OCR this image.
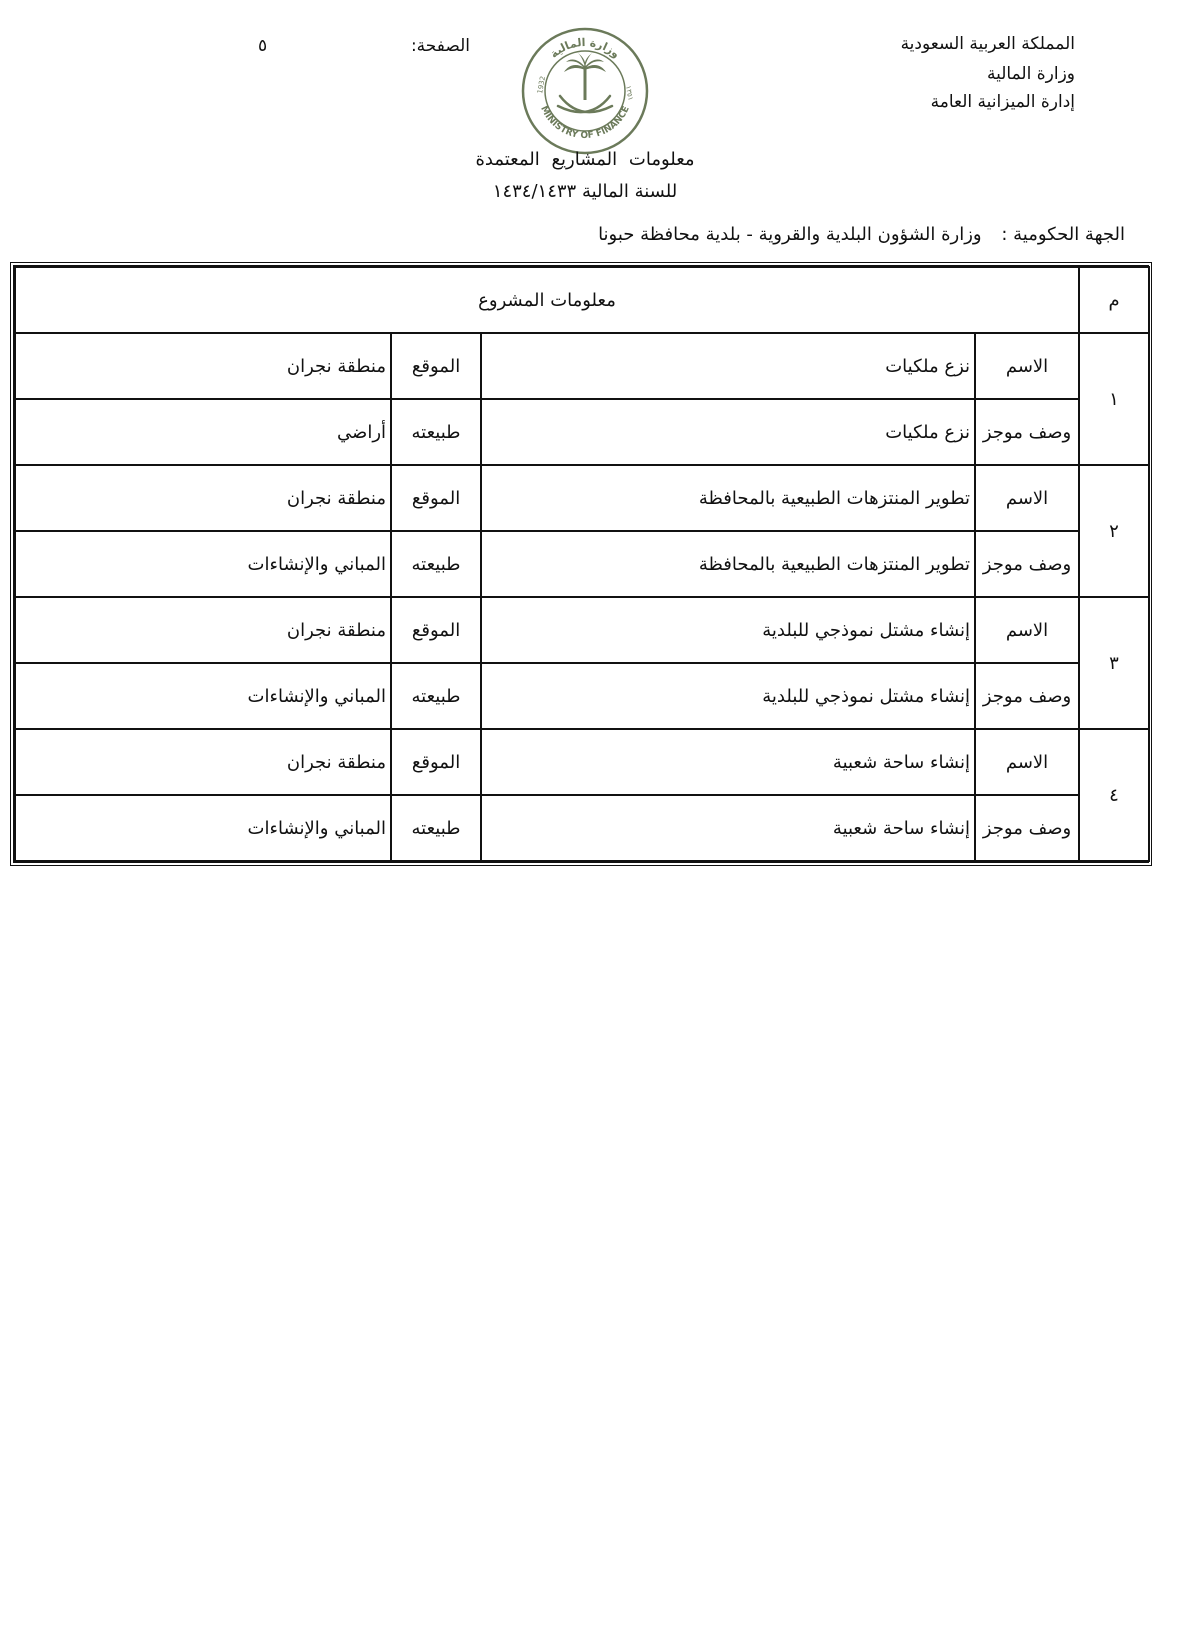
المملكة العربية السعودية
وزارة المالية
إدارة الميزانية العامة
الصفحة:
٥	وزارة المالية
MINISTRY OF FINANCE
1932	١٣٥١
معلومات المشاريع المعتمدة
للسنة المالية ١٤٣٤/١٤٣٣
الجهة الحكومية : وزارة الشؤون البلدية والقروية - بلدية محافظة حبونا
م	معلومات المشروع			
١	الاسم	نزع ملكيات	الموقع	منطقة نجران
	وصف موجز	نزع ملكيات	طبيعته	أراضي
٢	الاسم	تطوير المنتزهات الطبيعية بالمحافظة	الموقع	منطقة نجران
	وصف موجز	تطوير المنتزهات الطبيعية بالمحافظة	طبيعته	المباني والإنشاءات
٣	الاسم	إنشاء مشتل نموذجي للبلدية	الموقع	منطقة نجران
	وصف موجز	إنشاء مشتل نموذجي للبلدية	طبيعته	المباني والإنشاءات
٤	الاسم	إنشاء ساحة شعبية	الموقع	منطقة نجران
	وصف موجز	إنشاء ساحة شعبية	طبيعته	المباني والإنشاءات
